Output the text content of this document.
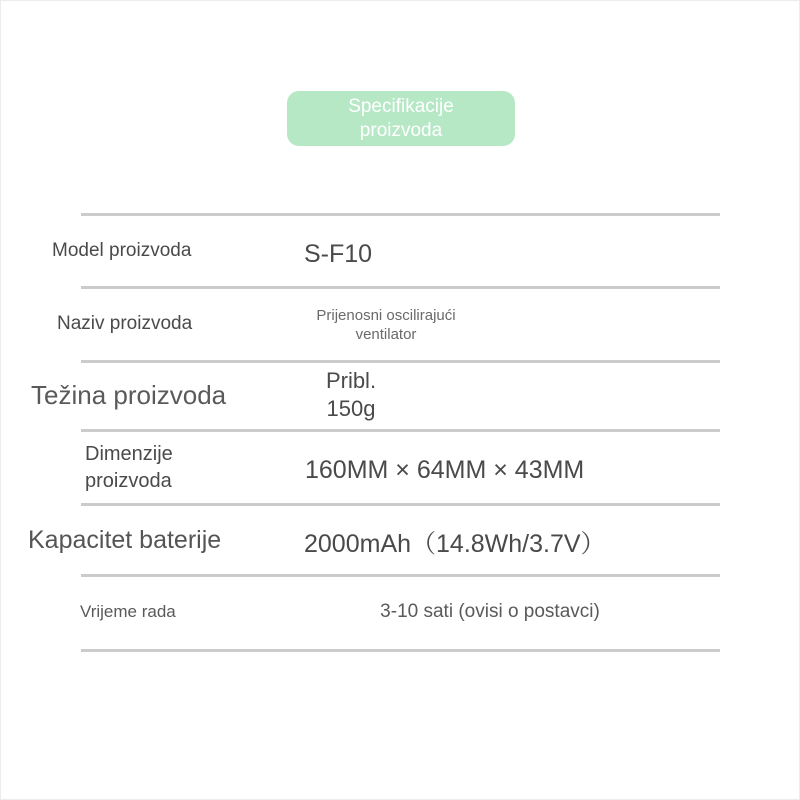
Specifikacije proizvoda
Model proizvoda	S-F10
Naziv proizvoda	Prijenosni oscilirajući ventilator
Težina proizvoda	Pribl. 150g
Dimenzije proizvoda	160MM × 64MM × 43MM
Kapacitet baterije	2000mAh（14.8Wh/3.7V）
Vrijeme rada	3-10 sati (ovisi o postavci)
